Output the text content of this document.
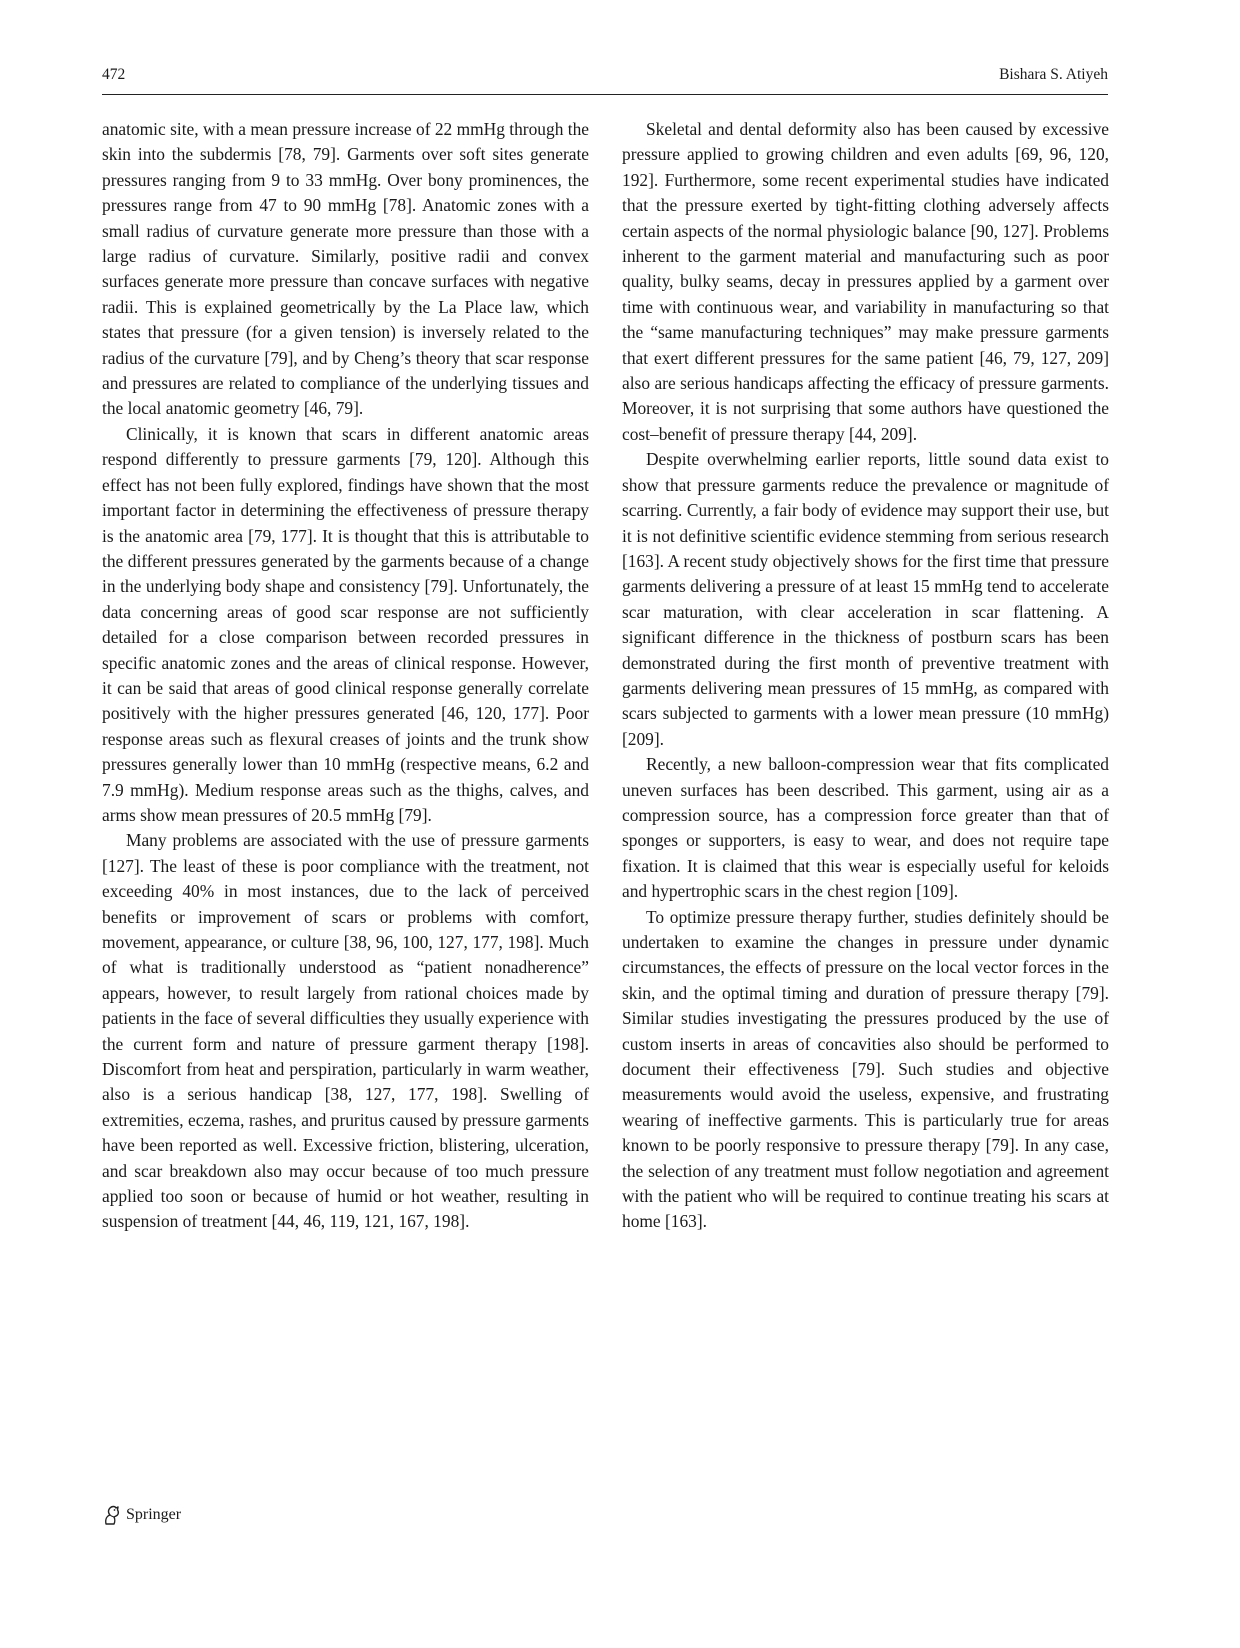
472	Bishara S. Atiyeh

anatomic site, with a mean pressure increase of 22 mmHg through the skin into the subdermis [78, 79]. Garments over soft sites generate pressures ranging from 9 to 33 mmHg. Over bony prominences, the pressures range from 47 to 90 mmHg [78]. Anatomic zones with a small radius of curvature generate more pressure than those with a large radius of curvature. Similarly, positive radii and convex surfaces generate more pressure than concave surfaces with negative radii. This is explained geometrically by the La Place law, which states that pressure (for a given tension) is inversely related to the radius of the curvature [79], and by Cheng’s theory that scar response and pressures are related to compliance of the underlying tissues and the local anatomic geometry [46, 79].

Clinically, it is known that scars in different anatomic areas respond differently to pressure garments [79, 120]. Although this effect has not been fully explored, findings have shown that the most important factor in determining the effectiveness of pressure therapy is the anatomic area [79, 177]. It is thought that this is attributable to the different pressures generated by the garments because of a change in the underlying body shape and consistency [79]. Unfortunately, the data concerning areas of good scar response are not sufficiently detailed for a close comparison between recorded pressures in specific anatomic zones and the areas of clinical response. However, it can be said that areas of good clinical response generally correlate positively with the higher pressures generated [46, 120, 177]. Poor response areas such as flexural creases of joints and the trunk show pressures generally lower than 10 mmHg (respective means, 6.2 and 7.9 mmHg). Medium response areas such as the thighs, calves, and arms show mean pressures of 20.5 mmHg [79].

Many problems are associated with the use of pressure garments [127]. The least of these is poor compliance with the treatment, not exceeding 40% in most instances, due to the lack of perceived benefits or improvement of scars or problems with comfort, movement, appearance, or culture [38, 96, 100, 127, 177, 198]. Much of what is traditionally understood as “patient nonadherence” appears, however, to result largely from rational choices made by patients in the face of several difficulties they usually experience with the current form and nature of pressure garment therapy [198]. Discomfort from heat and perspiration, particularly in warm weather, also is a serious handicap [38, 127, 177, 198]. Swelling of extremities, eczema, rashes, and pruritus caused by pressure garments have been reported as well. Excessive friction, blistering, ulceration, and scar breakdown also may occur because of too much pressure applied too soon or because of humid or hot weather, resulting in suspension of treatment [44, 46, 119, 121, 167, 198].

Skeletal and dental deformity also has been caused by excessive pressure applied to growing children and even adults [69, 96, 120, 192]. Furthermore, some recent experimental studies have indicated that the pressure exerted by tight-fitting clothing adversely affects certain aspects of the normal physiologic balance [90, 127]. Problems inherent to the garment material and manufacturing such as poor quality, bulky seams, decay in pressures applied by a garment over time with continuous wear, and variability in manufacturing so that the “same manufacturing techniques” may make pressure garments that exert different pressures for the same patient [46, 79, 127, 209] also are serious handicaps affecting the efficacy of pressure garments. Moreover, it is not surprising that some authors have questioned the cost–benefit of pressure therapy [44, 209].

Despite overwhelming earlier reports, little sound data exist to show that pressure garments reduce the prevalence or magnitude of scarring. Currently, a fair body of evidence may support their use, but it is not definitive scientific evidence stemming from serious research [163]. A recent study objectively shows for the first time that pressure garments delivering a pressure of at least 15 mmHg tend to accelerate scar maturation, with clear acceleration in scar flattening. A significant difference in the thickness of postburn scars has been demonstrated during the first month of preventive treatment with garments delivering mean pressures of 15 mmHg, as compared with scars subjected to garments with a lower mean pressure (10 mmHg) [209].

Recently, a new balloon-compression wear that fits complicated uneven surfaces has been described. This garment, using air as a compression source, has a compression force greater than that of sponges or supporters, is easy to wear, and does not require tape fixation. It is claimed that this wear is especially useful for keloids and hypertrophic scars in the chest region [109].

To optimize pressure therapy further, studies definitely should be undertaken to examine the changes in pressure under dynamic circumstances, the effects of pressure on the local vector forces in the skin, and the optimal timing and duration of pressure therapy [79]. Similar studies investigating the pressures produced by the use of custom inserts in areas of concavities also should be performed to document their effectiveness [79]. Such studies and objective measurements would avoid the useless, expensive, and frustrating wearing of ineffective garments. This is particularly true for areas known to be poorly responsive to pressure therapy [79]. In any case, the selection of any treatment must follow negotiation and agreement with the patient who will be required to continue treating his scars at home [163].

Springer
